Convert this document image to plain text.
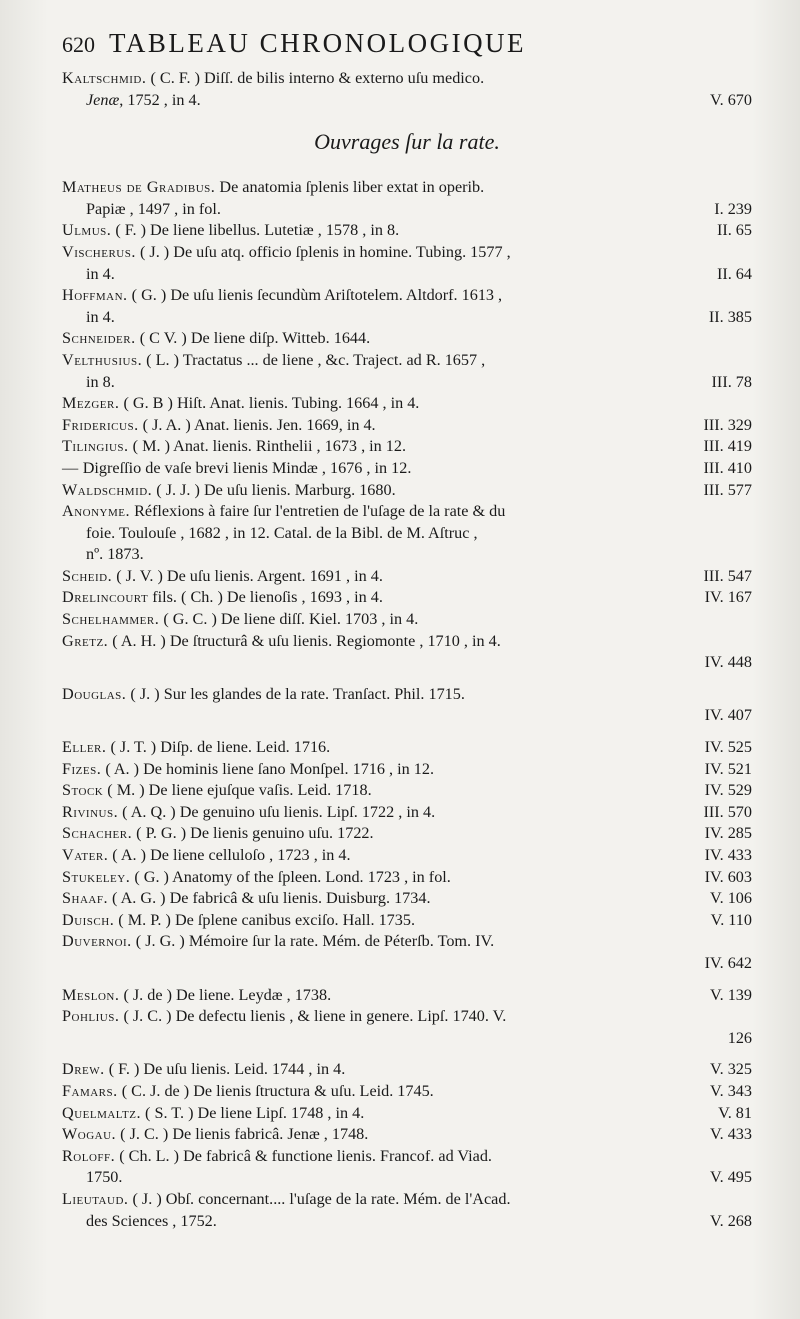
620 TABLEAU CHRONOLOGIQUE
Kaltschmid. ( C. F. ) Diſſ. de bilis interno & externo uſu medico.
Jenæ, 1752 , in 4.	V. 670
Ouvrages ſur la rate.
Matheus de Gradibus. De anatomia ſplenis liber extat in operib.
Papiæ , 1497 , in fol.	I. 239
Ulmus. ( F. ) De liene libellus. Lutetiæ , 1578 , in 8.	II. 65
Vischerus. ( J. ) De uſu atq. officio ſplenis in homine. Tubing. 1577 ,
in 4.	II. 64
Hoffman. ( G. ) De uſu lienis ſecundùm Ariſtotelem. Altdorf. 1613 ,
in 4.	II. 385
Schneider. ( C V. ) De liene diſp. Witteb. 1644.
Velthusius. ( L. ) Tractatus ... de liene , &c. Traject. ad R. 1657 ,
in 8.	III. 78
Mezger. ( G. B ) Hiſt. Anat. lienis. Tubing. 1664 , in 4.
Fridericus. ( J. A. ) Anat. lienis. Jen. 1669, in 4.	III. 329
Tilingius. ( M. ) Anat. lienis. Rinthelii , 1673 , in 12.	III. 419
— Digreſſio de vaſe brevi lienis Mindæ , 1676 , in 12.	III. 410
Waldschmid. ( J. J. ) De uſu lienis. Marburg. 1680.	III. 577
Anonyme. Réflexions à faire ſur l'entretien de l'uſage de la rate & du
foie. Toulouſe , 1682 , in 12. Catal. de la Bibl. de M. Aſtruc ,
nº. 1873.
Scheid. ( J. V. ) De uſu lienis. Argent. 1691 , in 4.	III. 547
Drelincourt fils. ( Ch. ) De lienoſis , 1693 , in 4.	IV. 167
Schelhammer. ( G. C. ) De liene diſſ. Kiel. 1703 , in 4.
Gretz. ( A. H. ) De ſtructurâ & uſu lienis. Regiomonte , 1710 , in 4.
IV. 448
Douglas. ( J. ) Sur les glandes de la rate. Tranſact. Phil. 1715.
IV. 407
Eller. ( J. T. ) Diſp. de liene. Leid. 1716.	IV. 525
Fizes. ( A. ) De hominis liene ſano Monſpel. 1716 , in 12.	IV. 521
Stock ( M. ) De liene ejuſque vaſis. Leid. 1718.	IV. 529
Rivinus. ( A. Q. ) De genuino uſu lienis. Lipſ. 1722 , in 4.	III. 570
Schacher. ( P. G. ) De lienis genuino uſu. 1722.	IV. 285
Vater. ( A. ) De liene celluloſo , 1723 , in 4.	IV. 433
Stukeley. ( G. ) Anatomy of the ſpleen. Lond. 1723 , in fol.	IV. 603
Shaaf. ( A. G. ) De fabricâ & uſu lienis. Duisburg. 1734.	V. 106
Duisch. ( M. P. ) De ſplene canibus exciſo. Hall. 1735.	V. 110
Duvernoi. ( J. G. ) Mémoire ſur la rate. Mém. de Péterſb. Tom. IV.
IV. 642
Meslon. ( J. de ) De liene. Leydæ , 1738.	V. 139
Pohlius. ( J. C. ) De defectu lienis , & liene in genere. Lipſ. 1740. V.
126
Drew. ( F. ) De uſu lienis. Leid. 1744 , in 4.	V. 325
Famars. ( C. J. de ) De lienis ſtructura & uſu. Leid. 1745.	V. 343
Quelmaltz. ( S. T. ) De liene Lipſ. 1748 , in 4.	V. 81
Wogau. ( J. C. ) De lienis fabricâ. Jenæ , 1748.	V. 433
Roloff. ( Ch. L. ) De fabricâ & functione lienis. Francof. ad Viad.
1750.	V. 495
Lieutaud. ( J. ) Obſ. concernant.... l'uſage de la rate. Mém. de l'Acad.
des Sciences , 1752.	V. 268
